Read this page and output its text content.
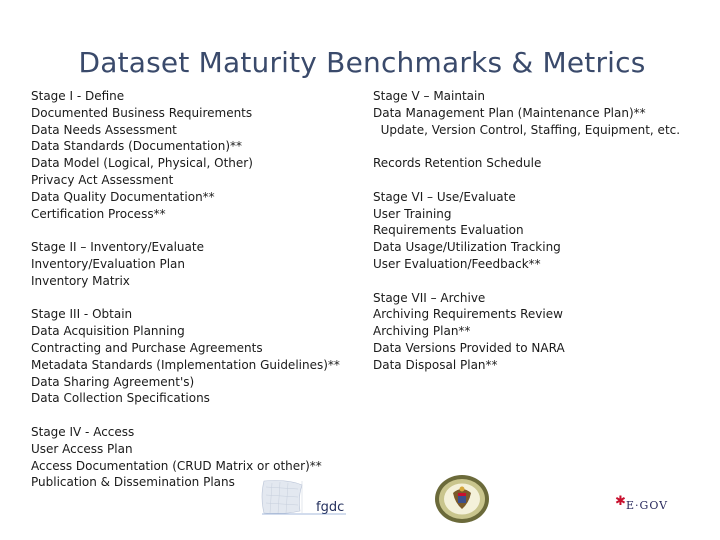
Dataset Maturity Benchmarks & Metrics
Stage I - Define
Documented Business Requirements
Data Needs Assessment
Data Standards (Documentation)**
Data Model (Logical, Physical, Other)
Privacy Act Assessment
Data Quality Documentation**
Certification Process**
Stage II – Inventory/Evaluate
Inventory/Evaluation Plan
Inventory Matrix
Stage III - Obtain
Data Acquisition Planning
Contracting and Purchase Agreements
Metadata Standards (Implementation Guidelines)**
Data Sharing Agreement's)
Data Collection Specifications
Stage IV - Access
User Access Plan
Access Documentation (CRUD Matrix or other)**
Publication & Dissemination Plans
Stage V – Maintain
Data Management Plan (Maintenance Plan)**
Update, Version Control, Staffing, Equipment, etc.
Records Retention Schedule
Stage VI – Use/Evaluate
User Training
Requirements Evaluation
Data Usage/Utilization Tracking
User Evaluation/Feedback**
Stage VII – Archive
Archiving Requirements Review
Archiving Plan**
Data Versions Provided to NARA
Data Disposal Plan**
fgdc	✱ E·GOV
